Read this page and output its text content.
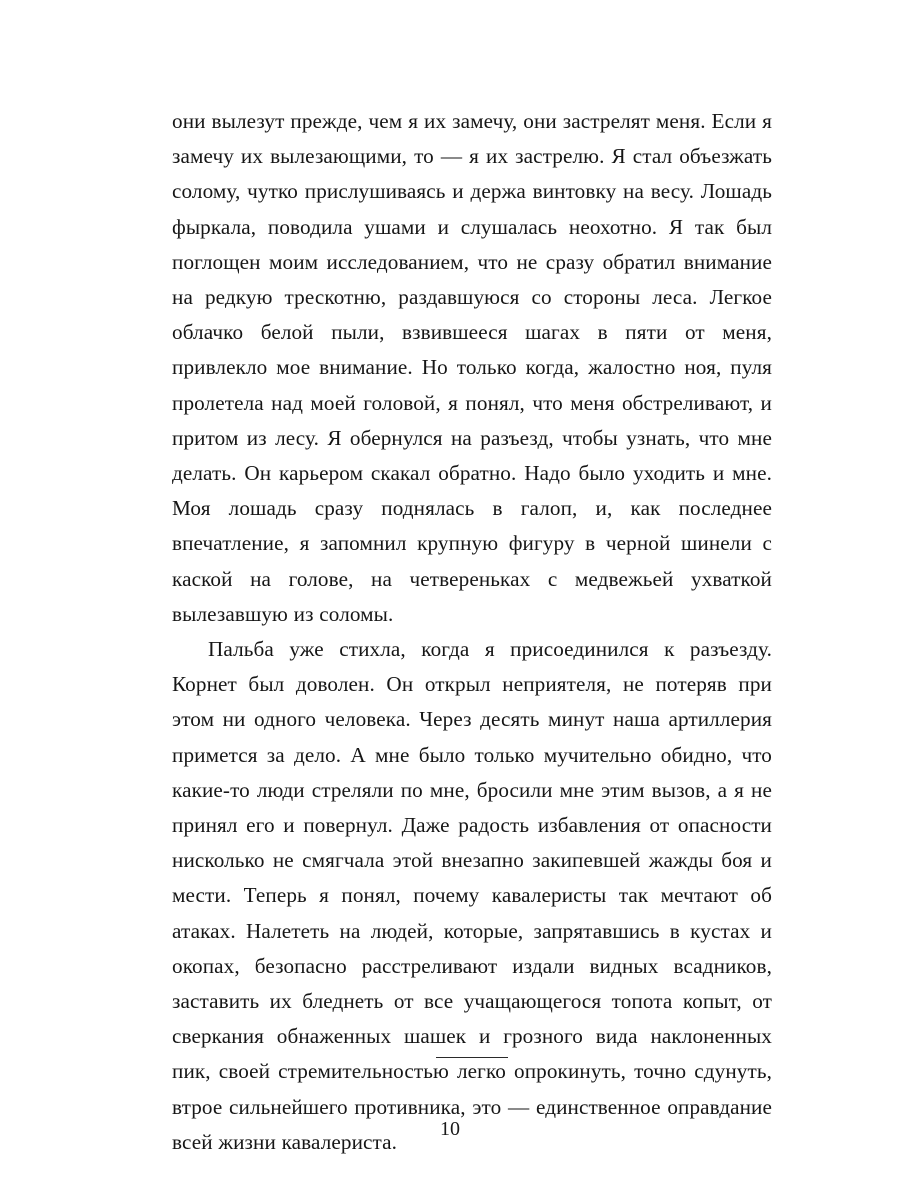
они вылезут прежде, чем я их замечу, они застрелят меня. Если я замечу их вылезающими, то — я их застрелю. Я стал объезжать солому, чутко прислушиваясь и держа винтовку на весу. Лошадь фыркала, поводила ушами и слушалась неохотно. Я так был поглощен моим исследованием, что не сразу обратил внимание на редкую трескотню, раздавшуюся со стороны леса. Легкое облачко белой пыли, взвившееся шагах в пяти от меня, привлекло мое внимание. Но только когда, жалостно ноя, пуля пролетела над моей головой, я понял, что меня обстреливают, и притом из лесу. Я обернулся на разъезд, чтобы узнать, что мне делать. Он карьером скакал обратно. Надо было уходить и мне. Моя лошадь сразу поднялась в галоп, и, как последнее впечатление, я запомнил крупную фигуру в черной шинели с каской на голове, на четвереньках с медвежьей ухваткой вылезавшую из соломы.

Пальба уже стихла, когда я присоединился к разъезду. Корнет был доволен. Он открыл неприятеля, не потеряв при этом ни одного человека. Через десять минут наша артиллерия примется за дело. А мне было только мучительно обидно, что какие-то люди стреляли по мне, бросили мне этим вызов, а я не принял его и повернул. Даже радость избавления от опасности нисколько не смягчала этой внезапно закипевшей жажды боя и мести. Теперь я понял, почему кавалеристы так мечтают об атаках. Налететь на людей, которые, запрятавшись в кустах и окопах, безопасно расстреливают издали видных всадников, заставить их бледнеть от все учащающегося топота копыт, от сверкания обнаженных шашек и грозного вида наклоненных пик, своей стремительностью легко опрокинуть, точно сдунуть, втрое сильнейшего противника, это — единственное оправдание всей жизни кавалериста.

10
